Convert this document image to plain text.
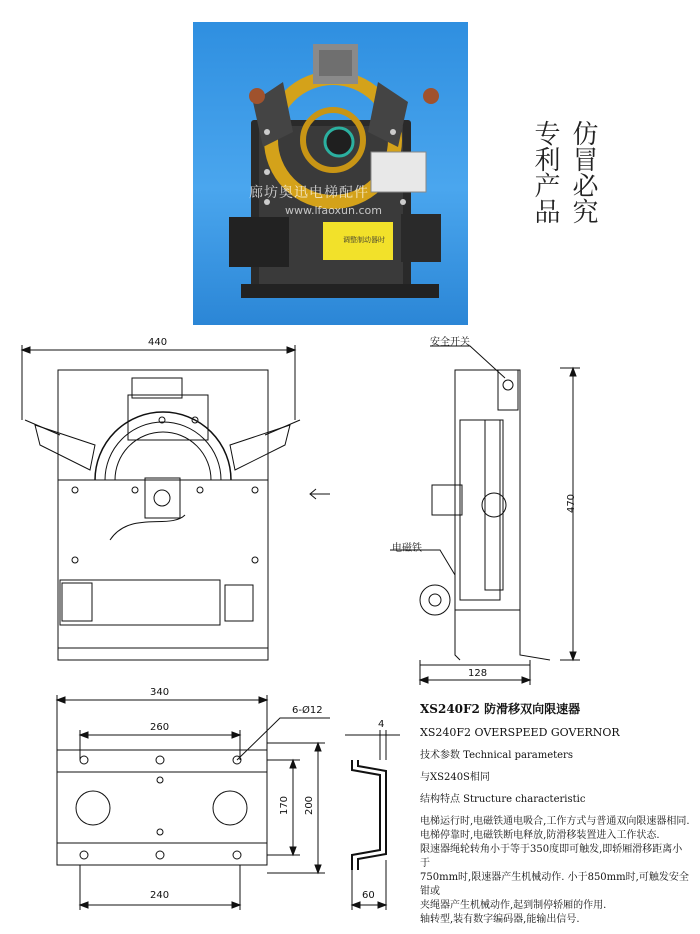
廊坊奥迅电梯配件
www.lfaoxun.com
调整制动器时
仿冒必究
专利产品
440	安全开关
电磁铁
470
128
340
260
6-Ø12
170 200
240
4
60
XS240F2 防滑移双向限速器
XS240F2 OVERSPEED GOVERNOR

技术参数 Technical parameters

与XS240S相同

结构特点 Structure characteristic

电梯运行时,电磁铁通电吸合,工作方式与普通双向限速器相同.

电梯停靠时,电磁铁断电释放,防滑移装置进入工作状态.

限速器绳轮转角小于等于350度即可触发,即轿厢滑移距离小于

750mm时,限速器产生机械动作. 小于850mm时,可触发安全钳或

夹绳器产生机械动作,起到制停轿厢的作用.

轴转型,装有数字编码器,能输出信号.
